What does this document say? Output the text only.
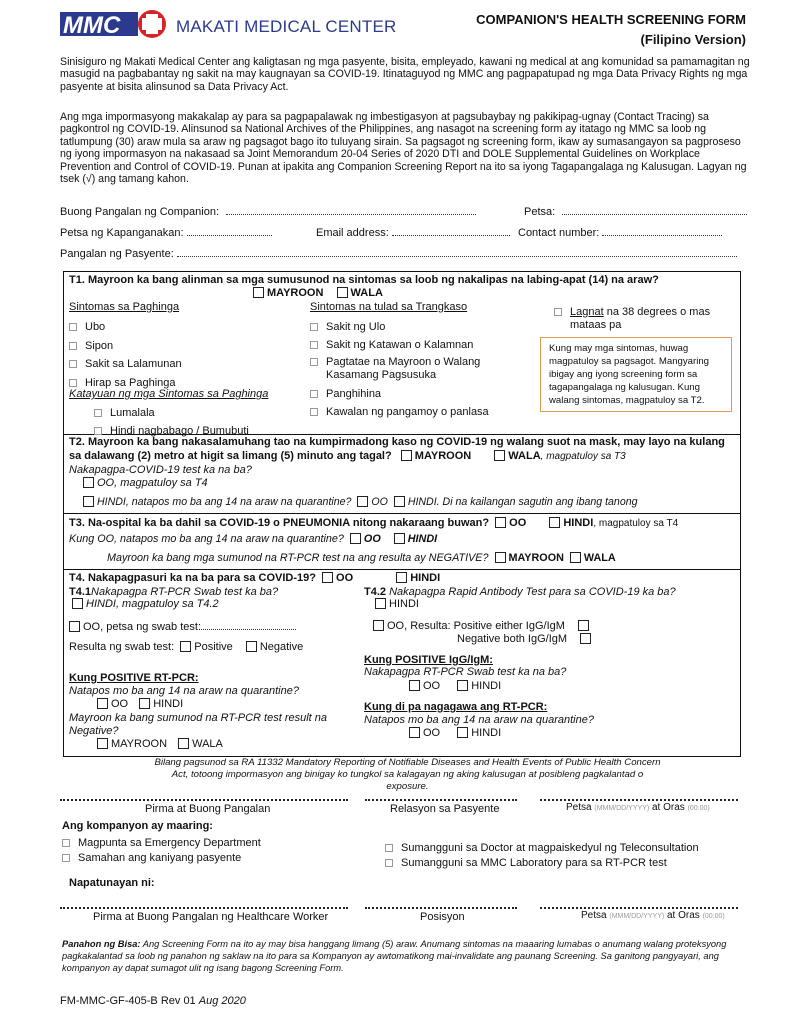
MMC	MAKATI MEDICAL CENTER	COMPANION'S HEALTH SCREENING FORM
(Filipino Version)

Sinisiguro ng Makati Medical Center ang kaligtasan ng mga pasyente, bisita, empleyado, kawani ng medical at ang komunidad sa pamamagitan ng masugid na pagbabantay ng sakit na may kaugnayan sa COVID-19. Itinataguyod ng MMC ang pagpapatupad ng mga Data Privacy Rights ng mga pasyente at bisita alinsunod sa Data Privacy Act.

Ang mga impormasyong makakalap ay para sa pagpapalawak ng imbestigasyon at pagsubaybay ng pakikipag-ugnay (Contact Tracing) sa pagkontrol ng COVID-19. Alinsunod sa National Archives of the Philippines, ang nasagot na screening form ay itatago ng MMC sa loob ng tatlumpung (30) araw mula sa araw ng pagsagot bago ito tuluyang sirain. Sa pagsagot ng screening form, ikaw ay sumasangayon sa pagproseso ng iyong impormasyon na nakasaad sa Joint Memorandum 20-04 Series of 2020 DTI and DOLE Supplemental Guidelines on Workplace Prevention and Control of COVID-19. Punan at ipakita ang Companion Screening Report na ito sa iyong Tagapangalaga ng Kalusugan. Lagyan ng tsek (√) ang tamang kahon.

Buong Pangalan ng Companion:	Petsa:
Petsa ng Kapanganakan:	Email address:	Contact number:
Pangalan ng Pasyente:
T1. Mayroon ka bang alinman sa mga sumusunod na sintomas sa loob ng nakalipas na labing-apat (14) na araw?
MAYROON WALA
Sintomas sa Paghinga
Ubo
Sipon
Sakit sa Lalamunan
Hirap sa Paghinga
Katayuan ng mga Sintomas sa Paghinga
Lumalala
Hindi nagbabago / Bumubuti
Sintomas na tulad sa Trangkaso
Sakit ng Ulo
Sakit ng Katawan o Kalamnan
Pagtatae na Mayroon o Walang Kasamang Pagsusuka
Panghihina
Kawalan ng pangamoy o panlasa
Lagnat na 38 degrees o mas mataas pa
Kung may mga sintomas, huwag magpatuloy sa pagsagot. Mangyaring ibigay ang iyong screening form sa tagapangalaga ng kalusugan. Kung walang sintomas, magpatuloy sa T2.
T2. Mayroon ka bang nakasalamuhang tao na kumpirmadong kaso ng COVID-19 ng walang suot na mask, may layo na kulang sa dalawang (2) metro at higit sa limang (5) minuto ang tagal? MAYROON	WALA, magpatuloy sa T3
Nakapagpa-COVID-19 test ka na ba?
OO, magpatuloy sa T4
HINDI, natapos mo ba ang 14 na araw na quarantine? OO HINDI. Di na kailangan sagutin ang ibang tanong
T3. Na-ospital ka ba dahil sa COVID-19 o PNEUMONIA nitong nakaraang buwan? OO	HINDI, magpatuloy sa T4
Kung OO, natapos mo ba ang 14 na araw na quarantine? OO	HINDI
Mayroon ka bang mga sumunod na RT-PCR test na ang resulta ay NEGATIVE? MAYROON WALA
T4. Nakapagpasuri ka na ba para sa COVID-19? OO	HINDI
T4.1Nakapagpa RT-PCR Swab test ka ba?
HINDI, magpatuloy sa T4.2
OO, petsa ng swab test:
Resulta ng swab test: Positive Negative
Kung POSITIVE RT-PCR:
Natapos mo ba ang 14 na araw na quarantine?
OO HINDI
Mayroon ka bang sumunod na RT-PCR test result na Negative?
MAYROON WALA
T4.2 Nakapagpa Rapid Antibody Test para sa COVID-19 ka ba?
HINDI
OO, Resulta: Positive either IgG/IgM
Negative both IgG/IgM
Kung POSITIVE IgG/IgM:
Nakapagpa RT-PCR Swab test ka na ba?
OO	HINDI
Kung di pa nagagawa ang RT-PCR:
Natapos mo ba ang 14 na araw na quarantine?
OO	HINDI
Bilang pagsunod sa RA 11332 Mandatory Reporting of Notifiable Diseases and Health Events of Public Health Concern Act, totoong impormasyon ang binigay ko tungkol sa kalagayan ng aking kalusugan at posibleng pagkalantad o exposure.
Pirma at Buong Pangalan	Relasyon sa Pasyente	Petsa (MMM/DD/YYYY) at Oras (00:00)
Ang kompanyon ay maaring:
Magpunta sa Emergency Department
Samahan ang kaniyang pasyente
Sumangguni sa Doctor at magpaiskedyul ng Teleconsultation
Sumangguni sa MMC Laboratory para sa RT-PCR test
Napatunayan ni:
Pirma at Buong Pangalan ng Healthcare Worker	Posisyon	Petsa (MMM/DD/YYYY) at Oras (00:00)
Panahon ng Bisa: Ang Screening Form na ito ay may bisa hanggang limang (5) araw. Anumang sintomas na maaaring lumabas o anumang walang proteksyong pagkakalantad sa loob ng panahon ng saklaw na ito para sa Kompanyon ay awtomatikong mai-invalidate ang paunang Screening. Sa ganitong pangyayari, ang kompanyon ay dapat sumagot ulit ng isang bagong Screening Form.
FM-MMC-GF-405-B Rev 01 Aug 2020
